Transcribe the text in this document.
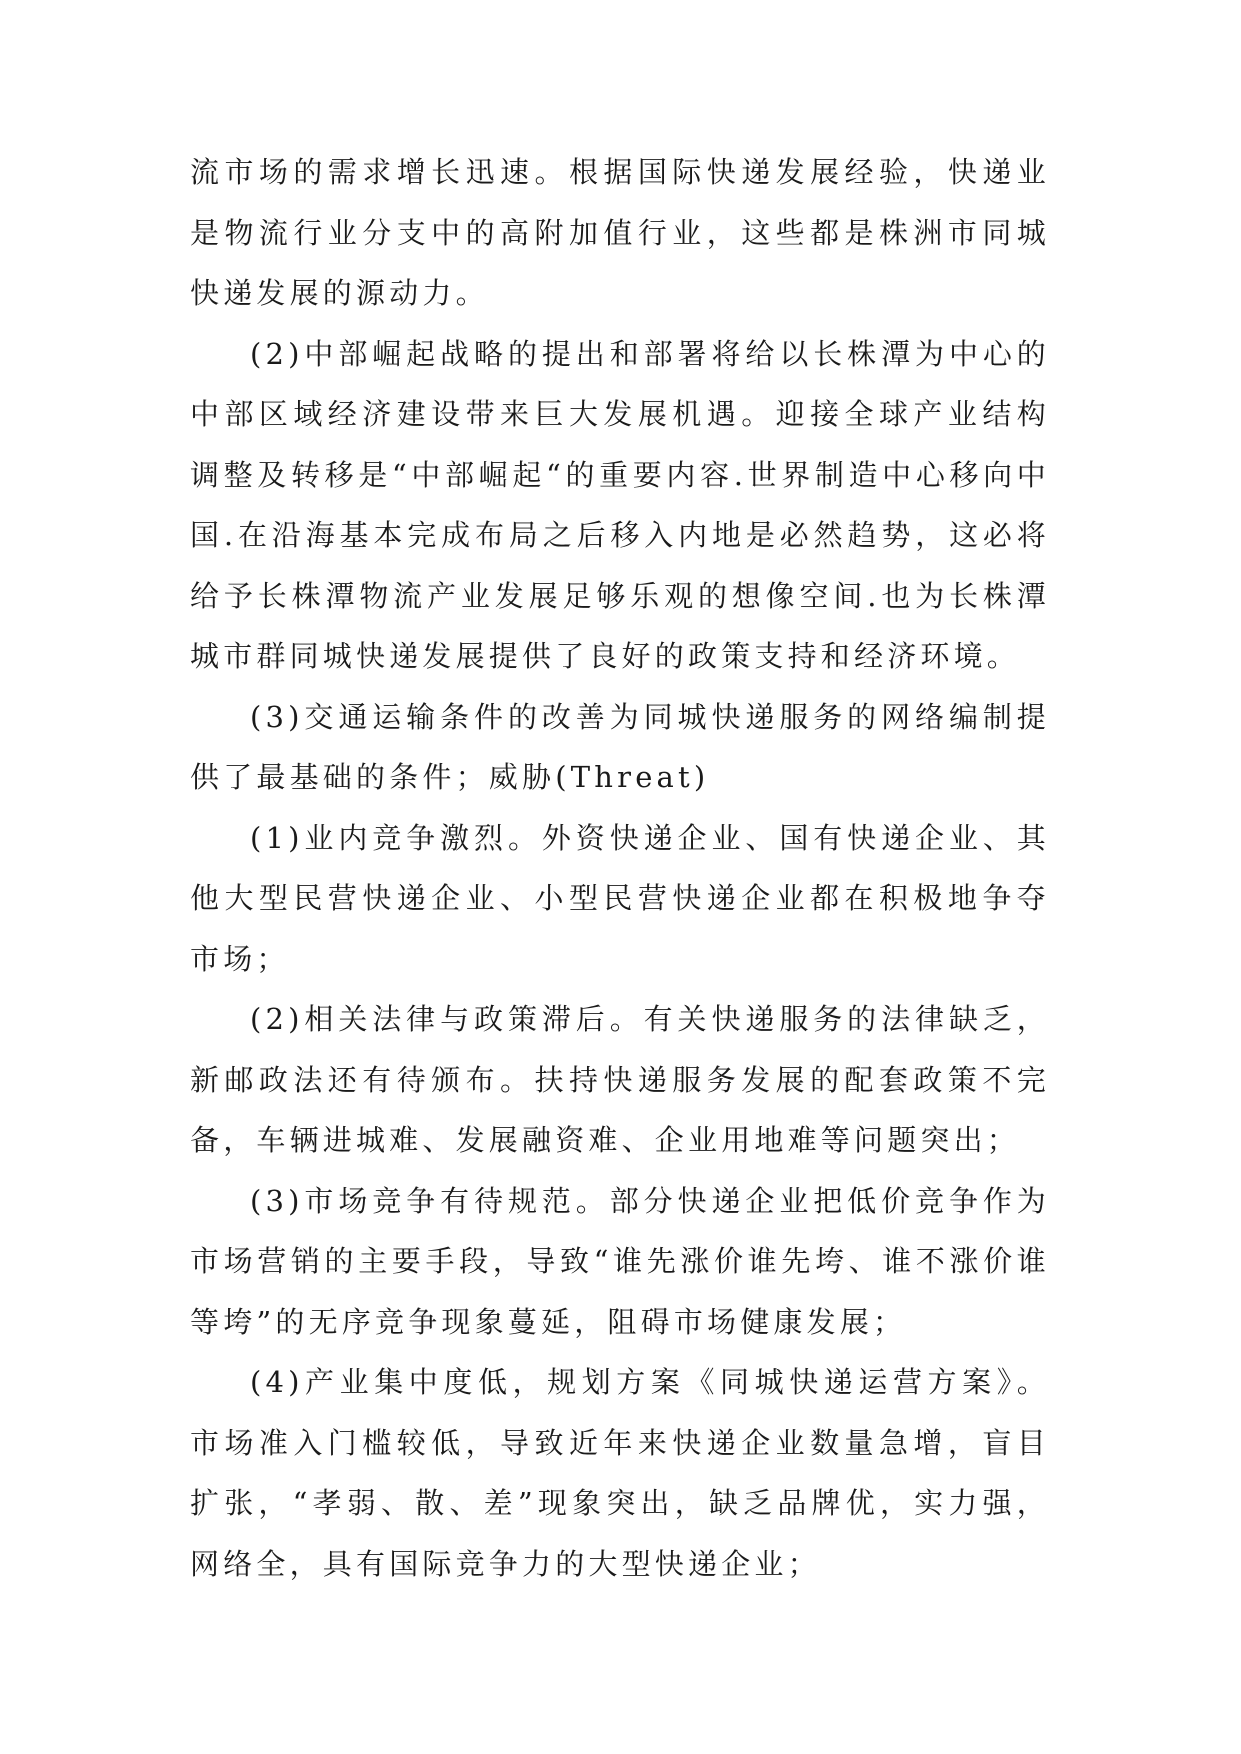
流市场的需求增长迅速。根据国际快递发展经验，快递业是物流行业分支中的高附加值行业，这些都是株洲市同城快递发展的源动力。

(2)中部崛起战略的提出和部署将给以长株潭为中心的中部区域经济建设带来巨大发展机遇。迎接全球产业结构调整及转移是“中部崛起“的重要内容.世界制造中心移向中国.在沿海基本完成布局之后移入内地是必然趋势，这必将给予长株潭物流产业发展足够乐观的想像空间.也为长株潭城市群同城快递发展提供了良好的政策支持和经济环境。

(3)交通运输条件的改善为同城快递服务的网络编制提供了最基础的条件；威胁(Threat)

(1)业内竞争激烈。外资快递企业、国有快递企业、其他大型民营快递企业、小型民营快递企业都在积极地争夺市场；

(2)相关法律与政策滞后。有关快递服务的法律缺乏，新邮政法还有待颁布。扶持快递服务发展的配套政策不完备，车辆进城难、发展融资难、企业用地难等问题突出；

(3)市场竞争有待规范。部分快递企业把低价竞争作为市场营销的主要手段，导致“谁先涨价谁先垮、谁不涨价谁等垮”的无序竞争现象蔓延，阻碍市场健康发展；

(4)产业集中度低，规划方案《同城快递运营方案》。市场准入门槛较低，导致近年来快递企业数量急增，盲目扩张，“孝弱、散、差”现象突出，缺乏品牌优，实力强，网络全，具有国际竞争力的大型快递企业；
